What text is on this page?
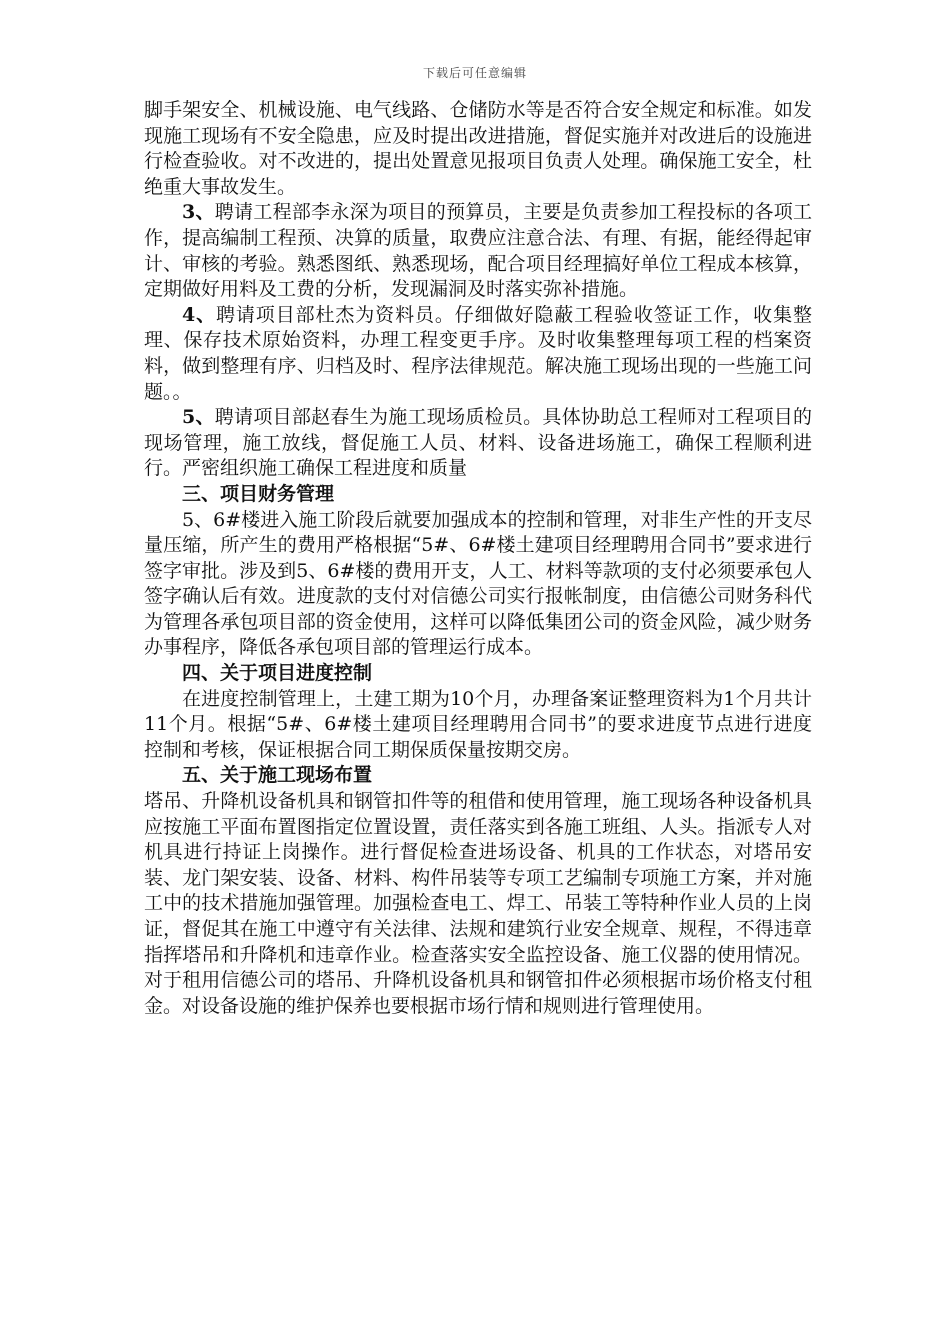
下载后可任意编辑

脚手架安全、机械设施、电气线路、仓储防水等是否符合安全规定和标准。如发现施工现场有不安全隐患，应及时提出改进措施，督促实施并对改进后的设施进行检查验收。对不改进的，提出处置意见报项目负责人处理。确保施工安全，杜绝重大事故发生。

3、聘请工程部李永深为项目的预算员，主要是负责参加工程投标的各项工作，提高编制工程预、决算的质量，取费应注意合法、有理、有据，能经得起审计、审核的考验。熟悉图纸、熟悉现场，配合项目经理搞好单位工程成本核算，定期做好用料及工费的分析，发现漏洞及时落实弥补措施。

4、聘请项目部杜杰为资料员。仔细做好隐蔽工程验收签证工作，收集整理、保存技术原始资料，办理工程变更手序。及时收集整理每项工程的档案资料，做到整理有序、归档及时、程序法律规范。解决施工现场出现的一些施工问题。。

5、聘请项目部赵春生为施工现场质检员。具体协助总工程师对工程项目的现场管理，施工放线，督促施工人员、材料、设备进场施工，确保工程顺利进行。严密组织施工确保工程进度和质量

三、项目财务管理

5、6#楼进入施工阶段后就要加强成本的控制和管理，对非生产性的开支尽量压缩，所产生的费用严格根据“5#、6#楼土建项目经理聘用合同书”要求进行签字审批。涉及到5、6#楼的费用开支，人工、材料等款项的支付必须要承包人签字确认后有效。进度款的支付对信德公司实行报帐制度，由信德公司财务科代为管理各承包项目部的资金使用，这样可以降低集团公司的资金风险，减少财务办事程序，降低各承包项目部的管理运行成本。

四、关于项目进度控制

在进度控制管理上，土建工期为10个月，办理备案证整理资料为1个月共计11个月。根据“5#、6#楼土建项目经理聘用合同书”的要求进度节点进行进度控制和考核，保证根据合同工期保质保量按期交房。

五、关于施工现场布置

塔吊、升降机设备机具和钢管扣件等的租借和使用管理，施工现场各种设备机具应按施工平面布置图指定位置设置，责任落实到各施工班组、人头。指派专人对机具进行持证上岗操作。进行督促检查进场设备、机具的工作状态，对塔吊安装、龙门架安装、设备、材料、构件吊装等专项工艺编制专项施工方案，并对施工中的技术措施加强管理。加强检查电工、焊工、吊装工等特种作业人员的上岗证，督促其在施工中遵守有关法律、法规和建筑行业安全规章、规程，不得违章指挥塔吊和升降机和违章作业。检查落实安全监控设备、施工仪器的使用情况。对于租用信德公司的塔吊、升降机设备机具和钢管扣件必须根据市场价格支付租金。对设备设施的维护保养也要根据市场行情和规则进行管理使用。
